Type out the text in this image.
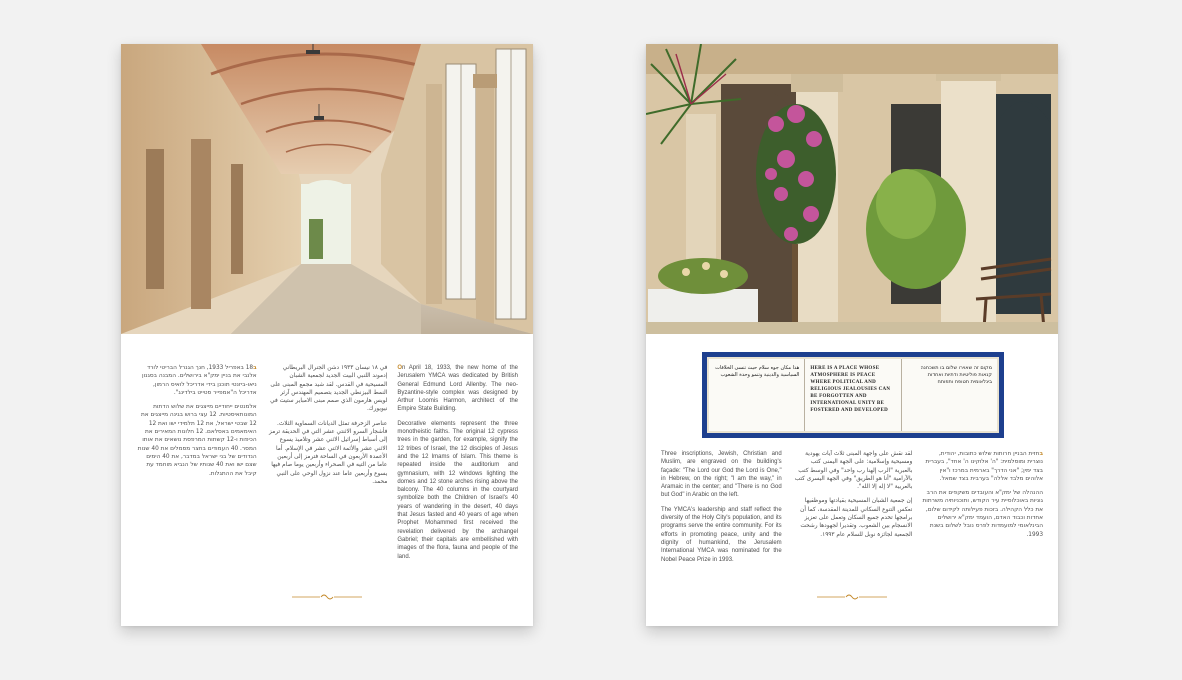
ב18 באפריל 1933, חנך הגנרל הבריטי לורד אלנבי את בניין ימק"א בירושלים. המבנה בסגנון ניאו-ביזנטי תוכנן בידי אדריכל לואיס הרמון, אדריכל ה"אמפייר סטייט בילדינג".

אלמנטים ייחודיים מייצגים את שלוש הדתות המונותאיסטיות. 12 עצי ברוש בגינה מייצגים את 12 שבטי ישראל, את 12 תלמידי ישו ואת 12 האימאמים באסלאם. 12 חלונות המאירים את הכיפות ו-12 קשתות המרפסת נושאים את אותו המסר. 40 העמודים בחצר מסמלים את 40 שנות הנדודים של בני ישראל במדבר, את 40 הימים שצם ישו ואת 40 שנותיו של הנביא מוחמד עת קיבל את ההתגלות.

في ١٨ نيسان ١٩٣٣ دشن الجنرال البريطاني إدموند اللنبي البيت الجديد لجمعية الشبان المسيحية في القدس. لقد شيد مجمع المبنى على النمط البيزنطي الجديد بتصميم المهندس آرثر لويس هارمون الذي صمم مبنى الامباير ستيت في نيويورك.

عناصر الزخرفة تمثل الديانات السماوية الثلاث. فأشجار السرو الاثنتي عشر التي في الحديقة ترمز إلى أسباط إسرائيل الاثني عشر وتلاميذ يسوع الاثني عشر والأئمة الاثني عشر في الإسلام. أما الأعمدة الأربعون في الساحة فترمز إلى أربعين عاما من التيه في الصحراء وأربعين يوما صام فيها يسوع وأربعين عاما عند نزول الوحي على النبي محمد.

On April 18, 1933, the new home of the Jerusalem YMCA was dedicated by British General Edmund Lord Allenby. The neo-Byzantine-style complex was designed by Arthur Loomis Harmon, architect of the Empire State Building.

Decorative elements represent the three monotheistic faiths. The original 12 cypress trees in the garden, for example, signify the 12 tribes of Israel, the 12 disciples of Jesus and the 12 Imams of Islam. This theme is repeated inside the auditorium and gymnasium, with 12 windows lighting the domes and 12 stone arches rising above the balcony. The 40 columns in the courtyard symbolize both the Children of Israel's 40 years of wandering in the desert, 40 days that Jesus fasted and 40 years of age when Prophet Mohammed first received the revelation delivered by the archangel Gabriel; their capitals are embellished with images of the flora, fauna and people of the land.

هذا مكان جوه سلام حيث تنسى الخلافات السياسية والدينية وتنمو وحدة الشعوب
HERE IS A PLACE WHOSE ATMOSPHERE IS PEACE WHERE POLITICAL AND RELIGIOUS JEALOUSIES CAN BE FORGOTTEN AND INTERNATIONAL UNITY BE FOSTERED AND DEVELOPED
מקום זה שאוירו שלום בו תשכחנה קנאות פוליטיות ודתיות ואחדות בינלאומית תטופח ותפותח

Three inscriptions, Jewish, Christian and Muslim, are engraved on the building's façade: "The Lord our God the Lord is One," in Hebrew, on the right; "I am the way," in Aramaic in the center; and "There is no God but God" in Arabic on the left.

The YMCA's leadership and staff reflect the diversity of the Holy City's population, and its programs serve the entire community. For its efforts in promoting peace, unity and the dignity of humankind, the Jerusalem International YMCA was nominated for the Nobel Peace Prize in 1993.

لقد نقش على واجهة المبنى ثلاث آيات يهودية ومسيحية وإسلامية: على الجهة اليمنى كتب بالعبرية "الرب إلهنا رب واحد" وفي الوسط كتب بالآرامية "أنا هو الطريق" وفي الجهة اليسرى كتب بالعربية "لا إله إلا الله".

إن جمعية الشبان المسيحية بقيادتها وموظفيها تعكس التنوع السكاني للمدينة المقدسة، كما أن برامجها تخدم جميع السكان وتعمل على تعزيز الانسجام بين الشعوب. وتقديرا لجهودها رشحت الجمعية لجائزة نوبل للسلام عام ١٩٩٣.

בחזית הבניין חרותות שלוש כתובות, יהודית, נוצרית ומוסלמית: "ה' אלוקינו ה' אחד", בעברית בצד ימין; "אני הדרך" בארמית במרכז ו"אין אלוהים מלבד אללה" בערבית בצד שמאל.

ההנהלה של ימק"א והעובדים משקפים את הרב גוניות באוכלוסיית עיר הקודש, ותוכניותיה משרתות את כלל הקהילה. בזכות פעילותה לקידום שלום, אחדות וכבוד האדם, הועמד ימק"א ירושלים הבינלאומי למועמדות לפרס נובל לשלום בשנת 1993.
